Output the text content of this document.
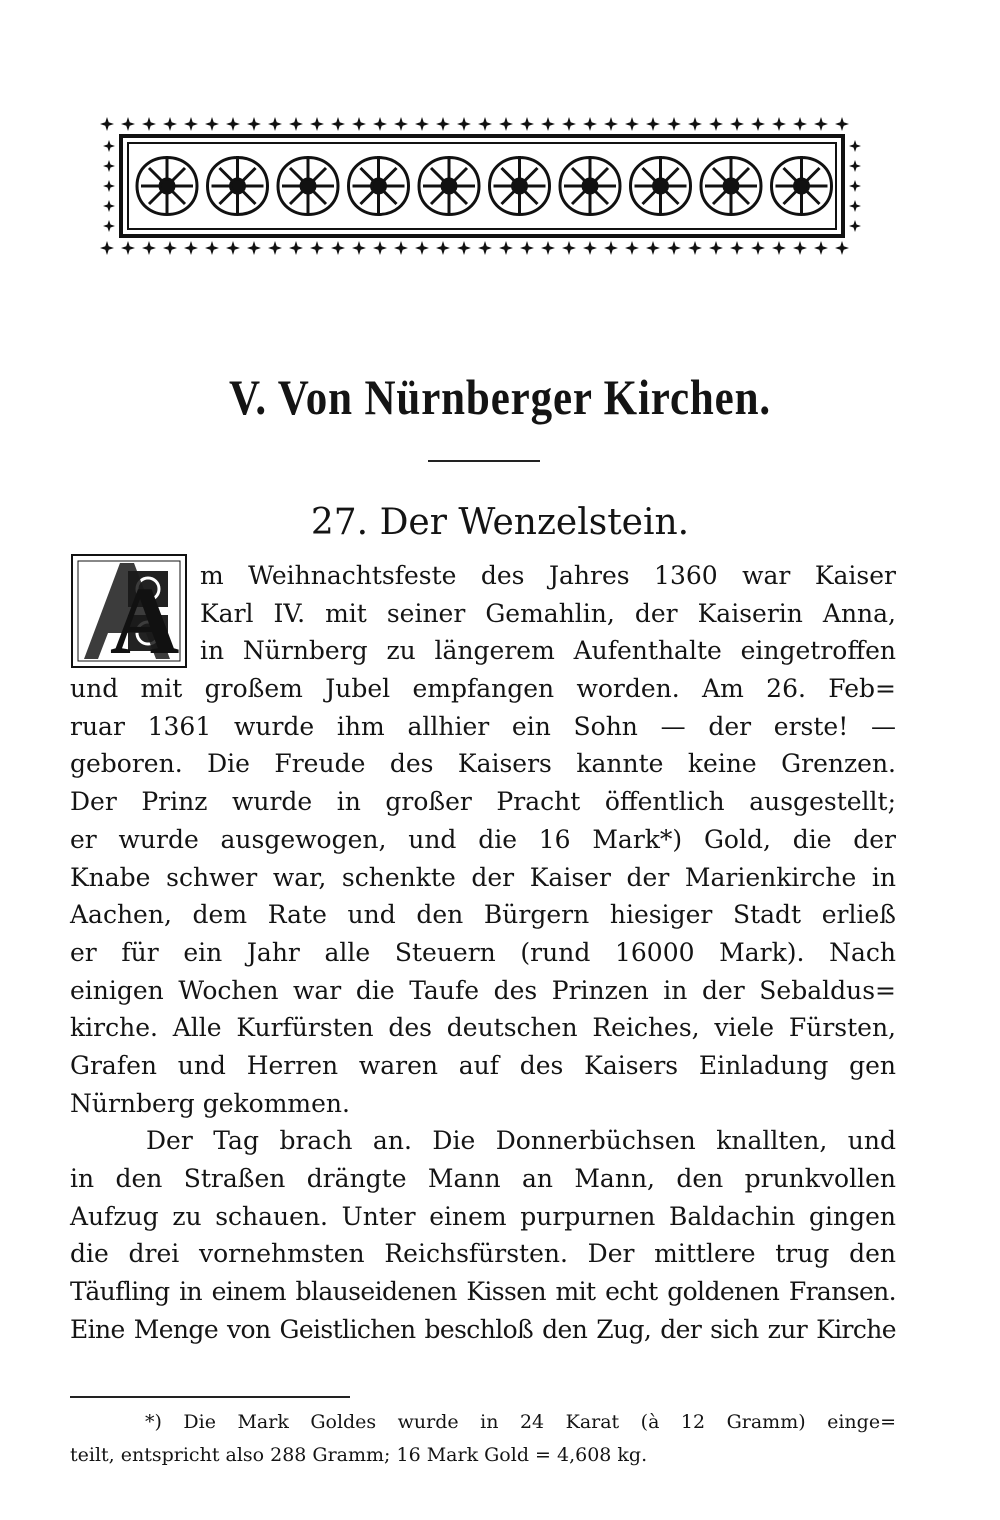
V. Von Nürnberger Kirchen.
27. Der Wenzelstein.
A m Weihnachtsfeste des Jahres 1360 war Kaiser
Karl IV. mit seiner Gemahlin, der Kaiserin Anna,
in Nürnberg zu längerem Aufenthalte eingetroffen
und mit großem Jubel empfangen worden. Am 26. Feb=
ruar 1361 wurde ihm allhier ein Sohn — der erste! —
geboren. Die Freude des Kaisers kannte keine Grenzen.
Der Prinz wurde in großer Pracht öffentlich ausgestellt;
er wurde ausgewogen, und die 16 Mark*) Gold, die der
Knabe schwer war, schenkte der Kaiser der Marienkirche in
Aachen, dem Rate und den Bürgern hiesiger Stadt erließ
er für ein Jahr alle Steuern (rund 16000 Mark). Nach
einigen Wochen war die Taufe des Prinzen in der Sebaldus=
kirche. Alle Kurfürsten des deutschen Reiches, viele Fürsten,
Grafen und Herren waren auf des Kaisers Einladung gen
Nürnberg gekommen.
Der Tag brach an. Die Donnerbüchsen knallten, und
in den Straßen drängte Mann an Mann, den prunkvollen
Aufzug zu schauen. Unter einem purpurnen Baldachin gingen
die drei vornehmsten Reichsfürsten. Der mittlere trug den
Täufling in einem blauseidenen Kissen mit echt goldenen Fransen.
Eine Menge von Geistlichen beschloß den Zug, der sich zur Kirche
*) Die Mark Goldes wurde in 24 Karat (à 12 Gramm) einge=
teilt, entspricht also 288 Gramm; 16 Mark Gold = 4,608 kg.
